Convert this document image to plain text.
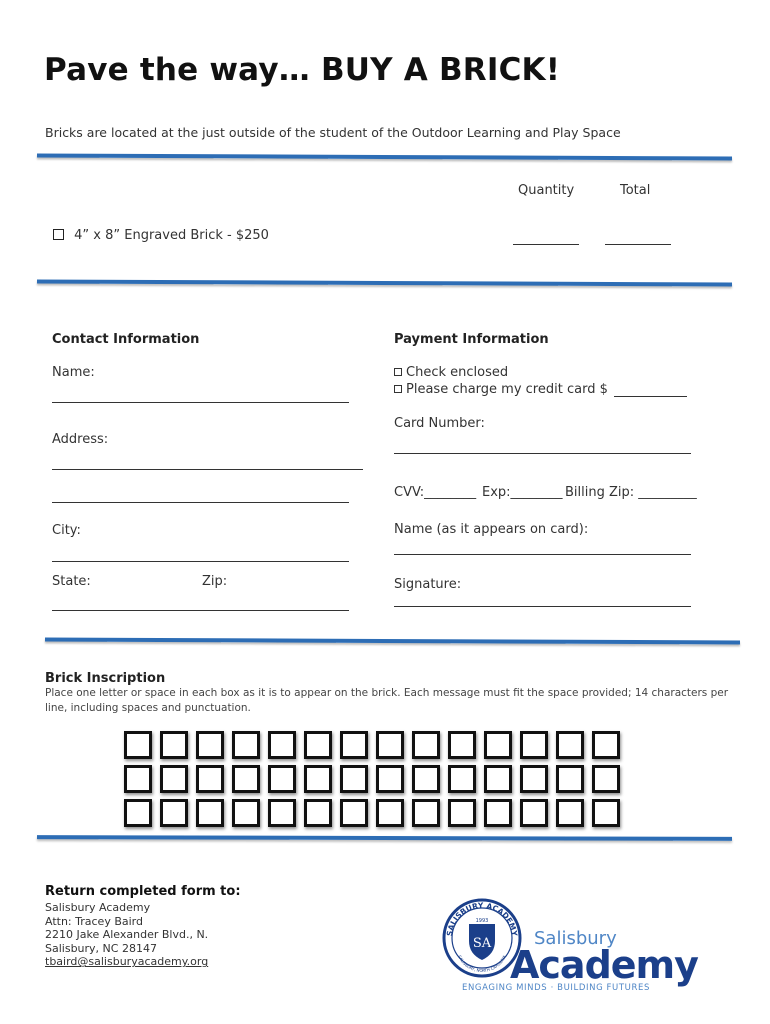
Pave the way… BUY A BRICK!
Bricks are located at the just outside of the student of the Outdoor Learning and Play Space
Quantity	Total
4” x 8” Engraved Brick - $250
Contact Information
Name:
Address:
City:
State:	Zip:
Payment Information
Check enclosed
Please charge my credit card $
Card Number:
CVV:________ Exp:________ Billing Zip: _________
Name (as it appears on card):
Signature:
Brick Inscription
Place one letter or space in each box as it is to appear on the brick. Each message must fit the space provided; 14 characters per line, including spaces and punctuation.
Return completed form to:
Salisbury Academy
Attn: Tracey Baird
2210 Jake Alexander Blvd., N.
Salisbury, NC 28147
tbaird@salisburyacademy.org
SALISBURY ACADEMY
SALISBURY, NORTH CAROLINA
1993
SA Salisbury
Academy
ENGAGING MINDS · BUILDING FUTURES
